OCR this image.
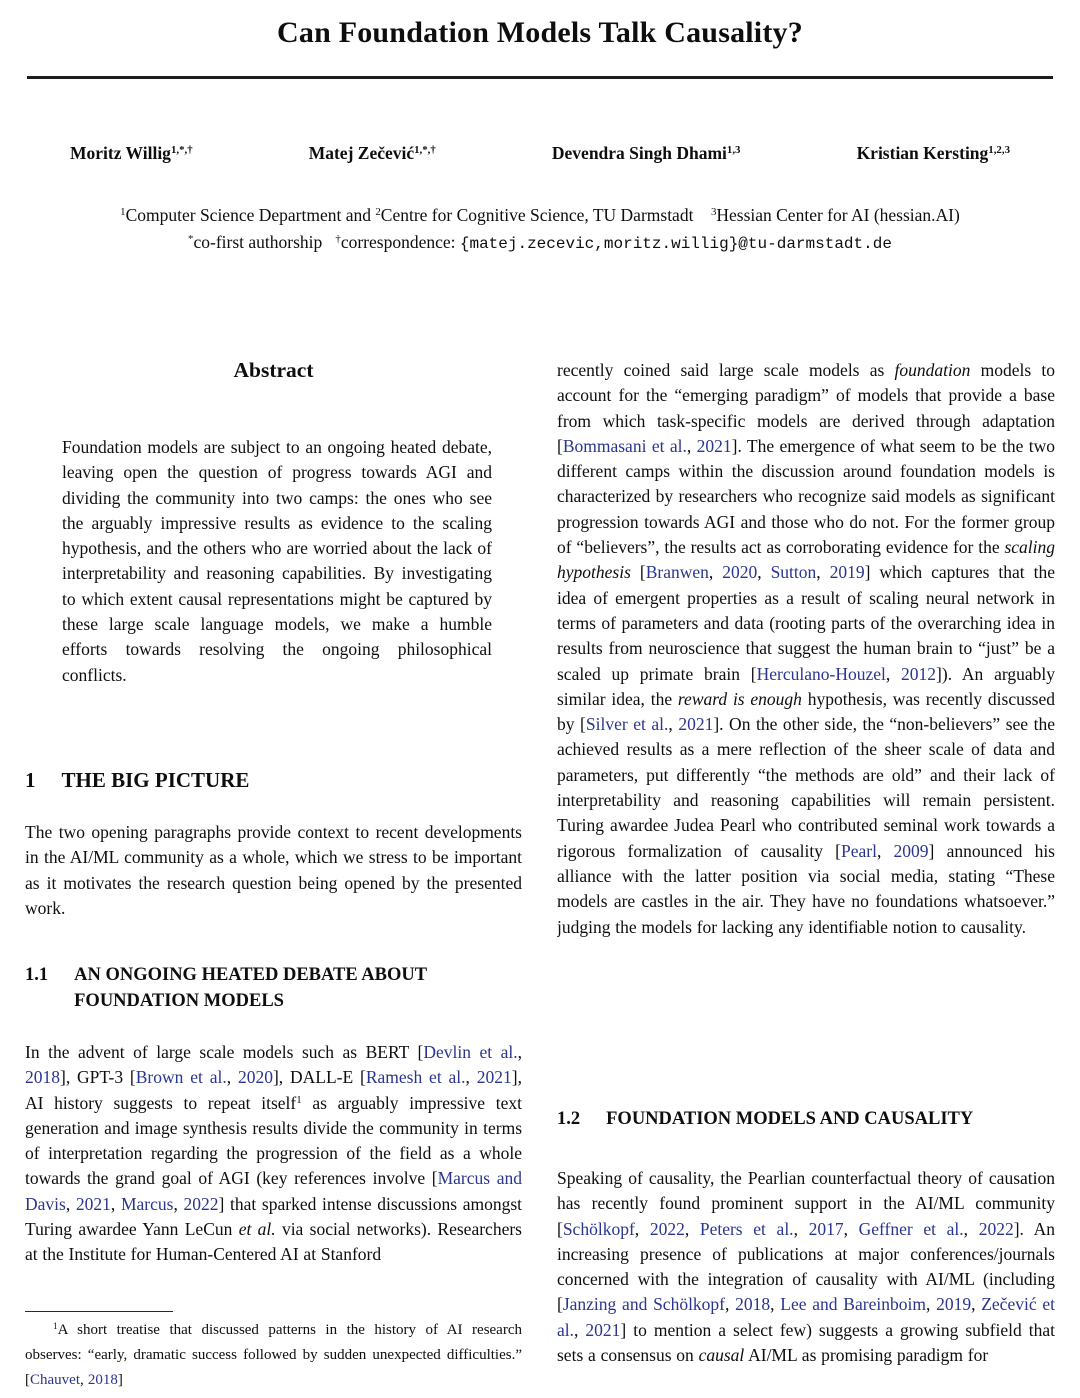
Can Foundation Models Talk Causality?
Moritz Willig$^{1,*,\dagger}$	Matej Zečević$^{1,*,\dagger}$	Devendra Singh Dhami$^{1,3}$	Kristian Kersting$^{1,2,3}$
$^1$Computer Science Department and $^2$Centre for Cognitive Science, TU Darmstadt $^3$Hessian Center for AI (hessian.AI)
*co-first authorship †correspondence: {matej.zecevic,moritz.willig}@tu-darmstadt.de
Abstract
Foundation models are subject to an ongoing heated debate, leaving open the question of progress towards AGI and dividing the community into two camps: the ones who see the arguably impressive results as evidence to the scaling hypothesis, and the others who are worried about the lack of interpretability and reasoning capabilities. By investigating to which extent causal representations might be captured by these large scale language models, we make a humble efforts towards resolving the ongoing philosophical conflicts.
1 THE BIG PICTURE
The two opening paragraphs provide context to recent developments in the AI/ML community as a whole, which we stress to be important as it motivates the research question being opened by the presented work.
1.1 AN ONGOING HEATED DEBATE ABOUT FOUNDATION MODELS
In the advent of large scale models such as BERT [Devlin et al., 2018], GPT-3 [Brown et al., 2020], DALL-E [Ramesh et al., 2021], AI history suggests to repeat itself$^1$ as arguably impressive text generation and image synthesis results divide the community in terms of interpretation regarding the progression of the field as a whole towards the grand goal of AGI (key references involve [Marcus and Davis, 2021, Marcus, 2022] that sparked intense discussions amongst Turing awardee Yann LeCun et al. via social networks). Researchers at the Institute for Human-Centered AI at Stanford
$^1$A short treatise that discussed patterns in the history of AI research observes: “early, dramatic success followed by sudden unexpected difficulties.” [Chauvet, 2018]
recently coined said large scale models as foundation models to account for the “emerging paradigm” of models that provide a base from which task-specific models are derived through adaptation [Bommasani et al., 2021]. The emergence of what seem to be the two different camps within the discussion around foundation models is characterized by researchers who recognize said models as significant progression towards AGI and those who do not. For the former group of “believers”, the results act as corroborating evidence for the scaling hypothesis [Branwen, 2020, Sutton, 2019] which captures that the idea of emergent properties as a result of scaling neural network in terms of parameters and data (rooting parts of the overarching idea in results from neuroscience that suggest the human brain to “just” be a scaled up primate brain [Herculano-Houzel, 2012]). An arguably similar idea, the reward is enough hypothesis, was recently discussed by [Silver et al., 2021]. On the other side, the “non-believers” see the achieved results as a mere reflection of the sheer scale of data and parameters, put differently “the methods are old” and their lack of interpretability and reasoning capabilities will remain persistent. Turing awardee Judea Pearl who contributed seminal work towards a rigorous formalization of causality [Pearl, 2009] announced his alliance with the latter position via social media, stating “These models are castles in the air. They have no foundations whatsoever.” judging the models for lacking any identifiable notion to causality.
1.2 FOUNDATION MODELS AND CAUSALITY
Speaking of causality, the Pearlian counterfactual theory of causation has recently found prominent support in the AI/ML community [Schölkopf, 2022, Peters et al., 2017, Geffner et al., 2022]. An increasing presence of publications at major conferences/journals concerned with the integration of causality with AI/ML (including [Janzing and Schölkopf, 2018, Lee and Bareinboim, 2019, Zečević et al., 2021] to mention a select few) suggests a growing subfield that sets a consensus on causal AI/ML as promising paradigm for
